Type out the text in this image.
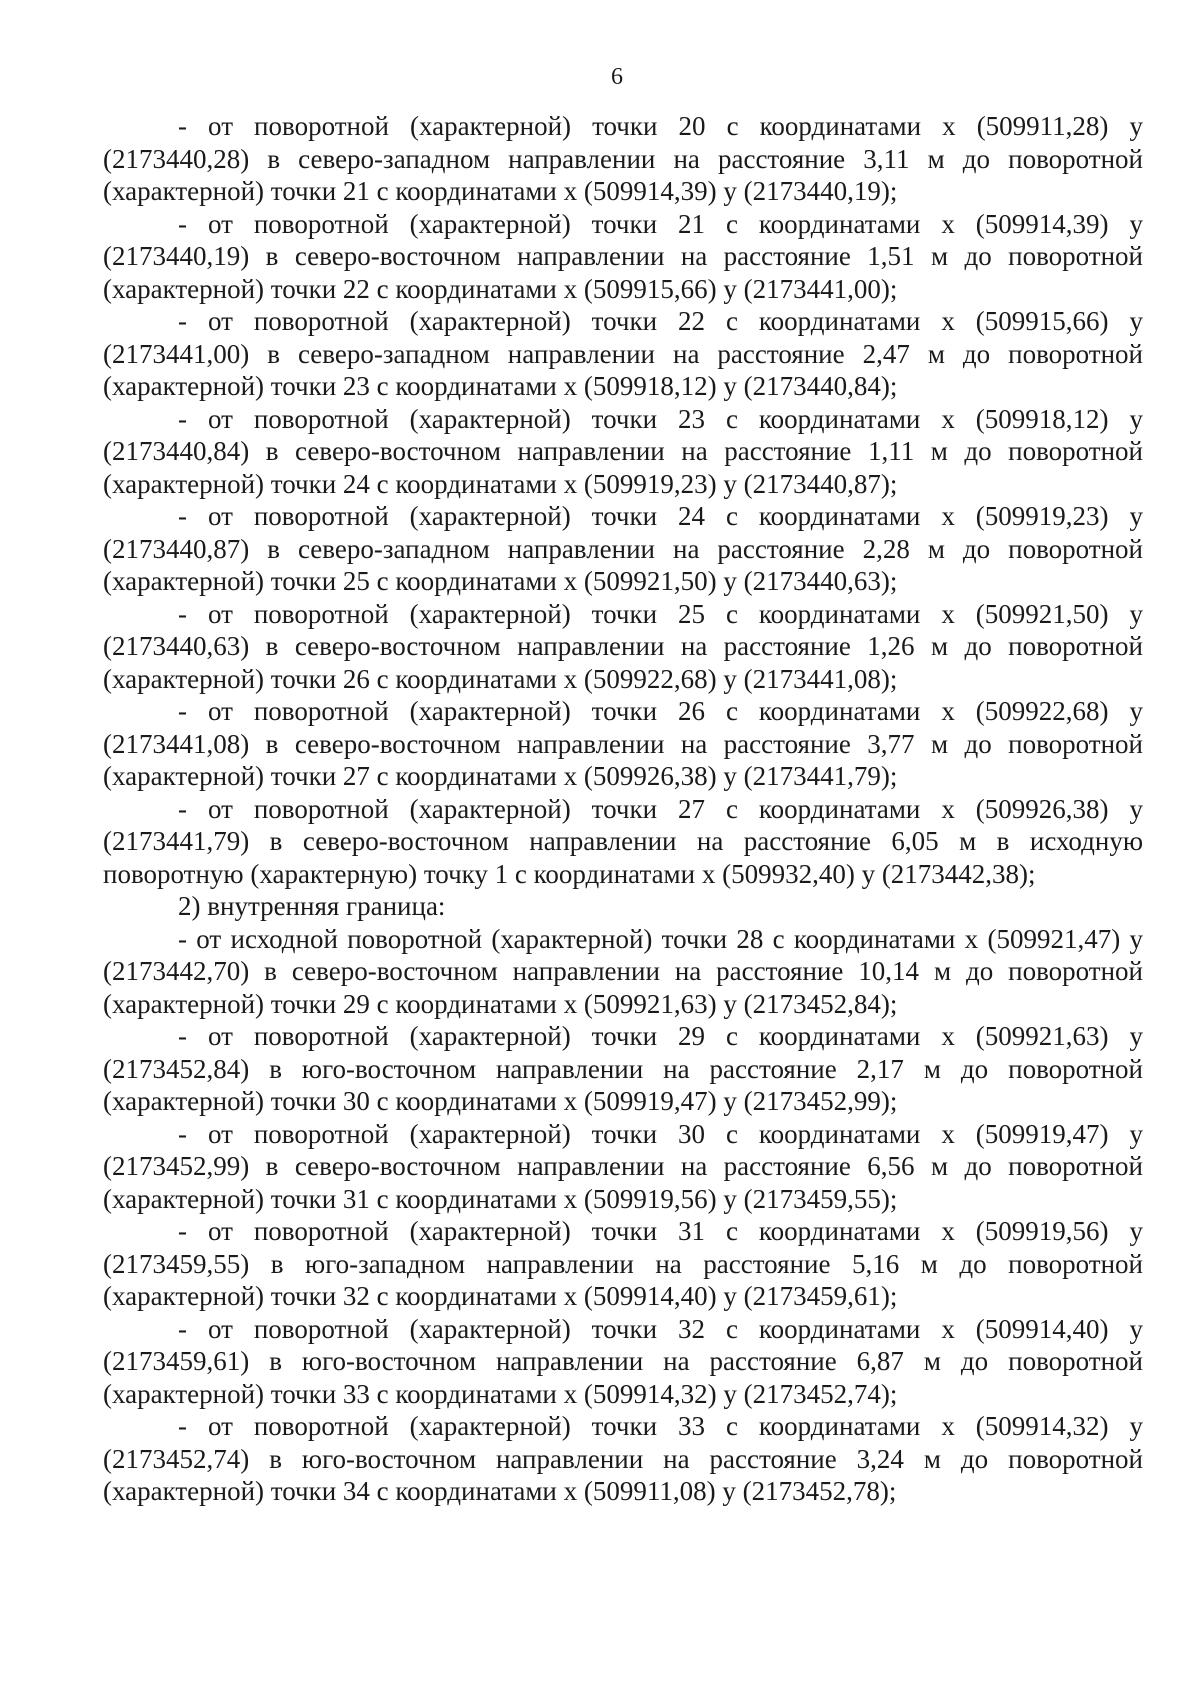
6

- от поворотной (характерной) точки 20 с координатами x (509911,28) y (2173440,28) в северо-западном направлении на расстояние 3,11 м до поворотной (характерной) точки 21 с координатами x (509914,39) y (2173440,19);

- от поворотной (характерной) точки 21 с координатами x (509914,39) y (2173440,19) в северо-восточном направлении на расстояние 1,51 м до поворотной (характерной) точки 22 с координатами x (509915,66) y (2173441,00);

- от поворотной (характерной) точки 22 с координатами x (509915,66) y (2173441,00) в северо-западном направлении на расстояние 2,47 м до поворотной (характерной) точки 23 с координатами x (509918,12) y (2173440,84);

- от поворотной (характерной) точки 23 с координатами x (509918,12) y (2173440,84) в северо-восточном направлении на расстояние 1,11 м до поворотной (характерной) точки 24 с координатами x (509919,23) y (2173440,87);

- от поворотной (характерной) точки 24 с координатами x (509919,23) y (2173440,87) в северо-западном направлении на расстояние 2,28 м до поворотной (характерной) точки 25 с координатами x (509921,50) y (2173440,63);

- от поворотной (характерной) точки 25 с координатами x (509921,50) y (2173440,63) в северо-восточном направлении на расстояние 1,26 м до поворотной (характерной) точки 26 с координатами x (509922,68) y (2173441,08);

- от поворотной (характерной) точки 26 с координатами x (509922,68) y (2173441,08) в северо-восточном направлении на расстояние 3,77 м до поворотной (характерной) точки 27 с координатами x (509926,38) y (2173441,79);

- от поворотной (характерной) точки 27 с координатами x (509926,38) y (2173441,79) в северо-восточном направлении на расстояние 6,05 м в исходную поворотную (характерную) точку 1 с координатами x (509932,40) y (2173442,38);

2) внутренняя граница:

- от исходной поворотной (характерной) точки 28 с координатами x (509921,47) y (2173442,70) в северо-восточном направлении на расстояние 10,14 м до поворотной (характерной) точки 29 с координатами x (509921,63) y (2173452,84);

- от поворотной (характерной) точки 29 с координатами x (509921,63) y (2173452,84) в юго-восточном направлении на расстояние 2,17 м до поворотной (характерной) точки 30 с координатами x (509919,47) y (2173452,99);

- от поворотной (характерной) точки 30 с координатами x (509919,47) y (2173452,99) в северо-восточном направлении на расстояние 6,56 м до поворотной (характерной) точки 31 с координатами x (509919,56) y (2173459,55);

- от поворотной (характерной) точки 31 с координатами x (509919,56) y (2173459,55) в юго-западном направлении на расстояние 5,16 м до поворотной (характерной) точки 32 с координатами x (509914,40) y (2173459,61);

- от поворотной (характерной) точки 32 с координатами x (509914,40) y (2173459,61) в юго-восточном направлении на расстояние 6,87 м до поворотной (характерной) точки 33 с координатами x (509914,32) y (2173452,74);

- от поворотной (характерной) точки 33 с координатами x (509914,32) y (2173452,74) в юго-восточном направлении на расстояние 3,24 м до поворотной (характерной) точки 34 с координатами x (509911,08) y (2173452,78);
